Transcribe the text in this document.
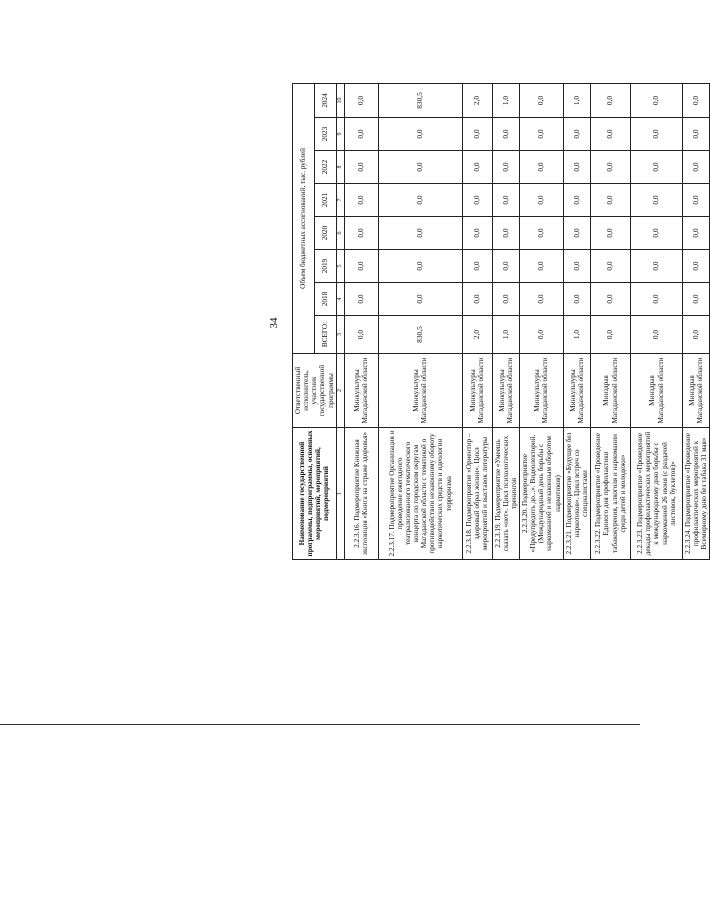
34
Наименование государственной программы, подпрограммы, основных мероприятий, мероприятий, подмероприятий	Ответственный исполнитель, участник государственной программы	Объем бюджетных ассигнований, тыс. рублей							
		ВСЕГО:	2018	2019	2020	2021	2022	2023	2024
1	2	3	4	5	6	7	8	9	10
2.2.3.16. Подмероприятие Книжная экспозиция «Книга на страже здоровья»	Минкультуры Магаданской области	0,0	0,0	0,0	0,0	0,0	0,0	0,0	0,0
2.2.3.17. Подмероприятие Организация и проведение ежегодного театрализованного тематического концерта по городским округам Магаданской области с тематикой о противодействии незаконному обороту наркотических средств и идеологии терроризма	Минкультуры Магаданской области	830,5	0,0	0,0	0,0	0,0	0,0	0,0	830,5
2.2.3.18. Подмероприятие «Ориентир – здоровый образ жизни». Цикл мероприятий и выставок литературы	Минкультуры Магаданской области	2,0	0,0	0,0	0,0	0,0	0,0	0,0	2,0
2.2.3.19. Подмероприятие «Умеешь сказать «нет». Цикл психологических тренингов	Минкультуры Магаданской области	1,0	0,0	0,0	0,0	0,0	0,0	0,0	1,0
2.2.3.20. Подмероприятие «Предупредить до...». Видеолекторий. (Международный день борьбы с наркоманией и незаконным оборотом наркотиков)	Минкультуры Магаданской области	0,0	0,0	0,0	0,0	0,0	0,0	0,0	0,0
2.2.3.21. Подмероприятие «Будущее без наркотиков». Цикл встреч со специалистами	Минкультуры Магаданской области	1,0	0,0	0,0	0,0	0,0	0,0	0,0	1,0
2.2.3.22. Подмероприятие «Проведение Единого дня профилактики табакокурения, алкоголя и наркомании среди детей и молодежи»	Минздрав Магаданской области	0,0	0,0	0,0	0,0	0,0	0,0	0,0	0,0
2.2.3.23. Подмероприятие «Проведение декады профилактических мероприятий к международному дню борьбы с наркоманией 26 июня (с раздачей листовок, буклетов)»	Минздрав Магаданской области	0,0	0,0	0,0	0,0	0,0	0,0	0,0	0,0
2.2.3.24. Подмероприятие «Проведение профилактических мероприятий к Всемирному дню без табака 31 мая»	Минздрав Магаданской области	0,0	0,0	0,0	0,0	0,0	0,0	0,0	0,0
